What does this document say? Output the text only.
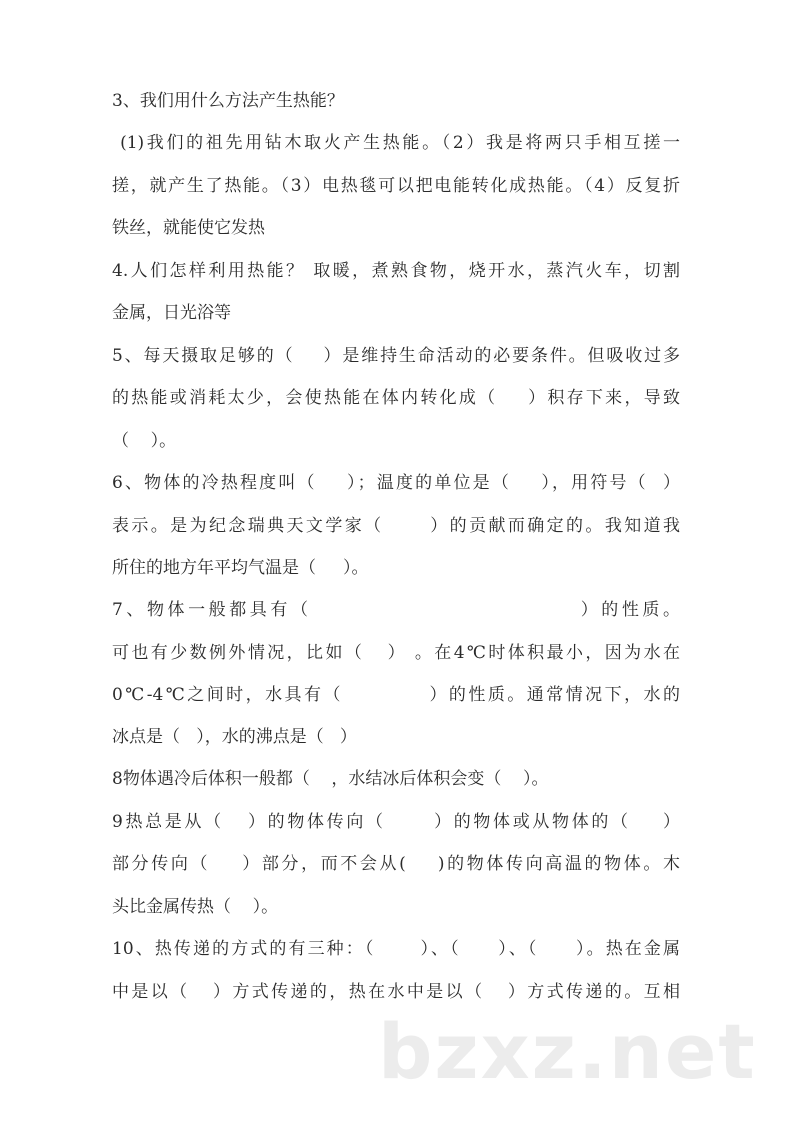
3、我们用什么方法产生热能？
(1)我们的祖先用钻木取火产生热能。（2）我是将两只手相互搓一
搓，就产生了热能。（3）电热毯可以把电能转化成热能。（4）反复折
铁丝，就能使它发热
4.人们怎样利用热能？ 取暖，煮熟食物，烧开水，蒸汽火车，切割
金属，日光浴等
5、每天摄取足够的（    ）是维持生命活动的必要条件。但吸收过多
的热能或消耗太少，会使热能在体内转化成（    ）积存下来，导致
（    ）。
6、物体的冷热程度叫（    ）；温度的单位是（    ），用符号（  ）
表示。是为纪念瑞典天文学家（      ）的贡献而确定的。我知道我
所住的地方年平均气温是（     ）。
7、物体一般都具有（                              ）的性质。
可也有少数例外情况，比如（   ） 。在4℃时体积最小，因为水在
0℃-4℃之间时，水具有（           ）的性质。通常情况下，水的
冰点是（   ），水的沸点是（   ）
8物体遇冷后体积一般都（    ，水结冰后体积会变（    ）。
9热总是从（   ）的物体传向（      ）的物体或从物体的（    ）
部分传向（    ）部分，而不会从(    )的物体传向高温的物体。木
头比金属传热（    ）。
10、热传递的方式的有三种：（      ）、（     ）、（     ）。热在金属
中是以（   ）方式传递的，热在水中是以（   ）方式传递的。互相
bzxz.net
